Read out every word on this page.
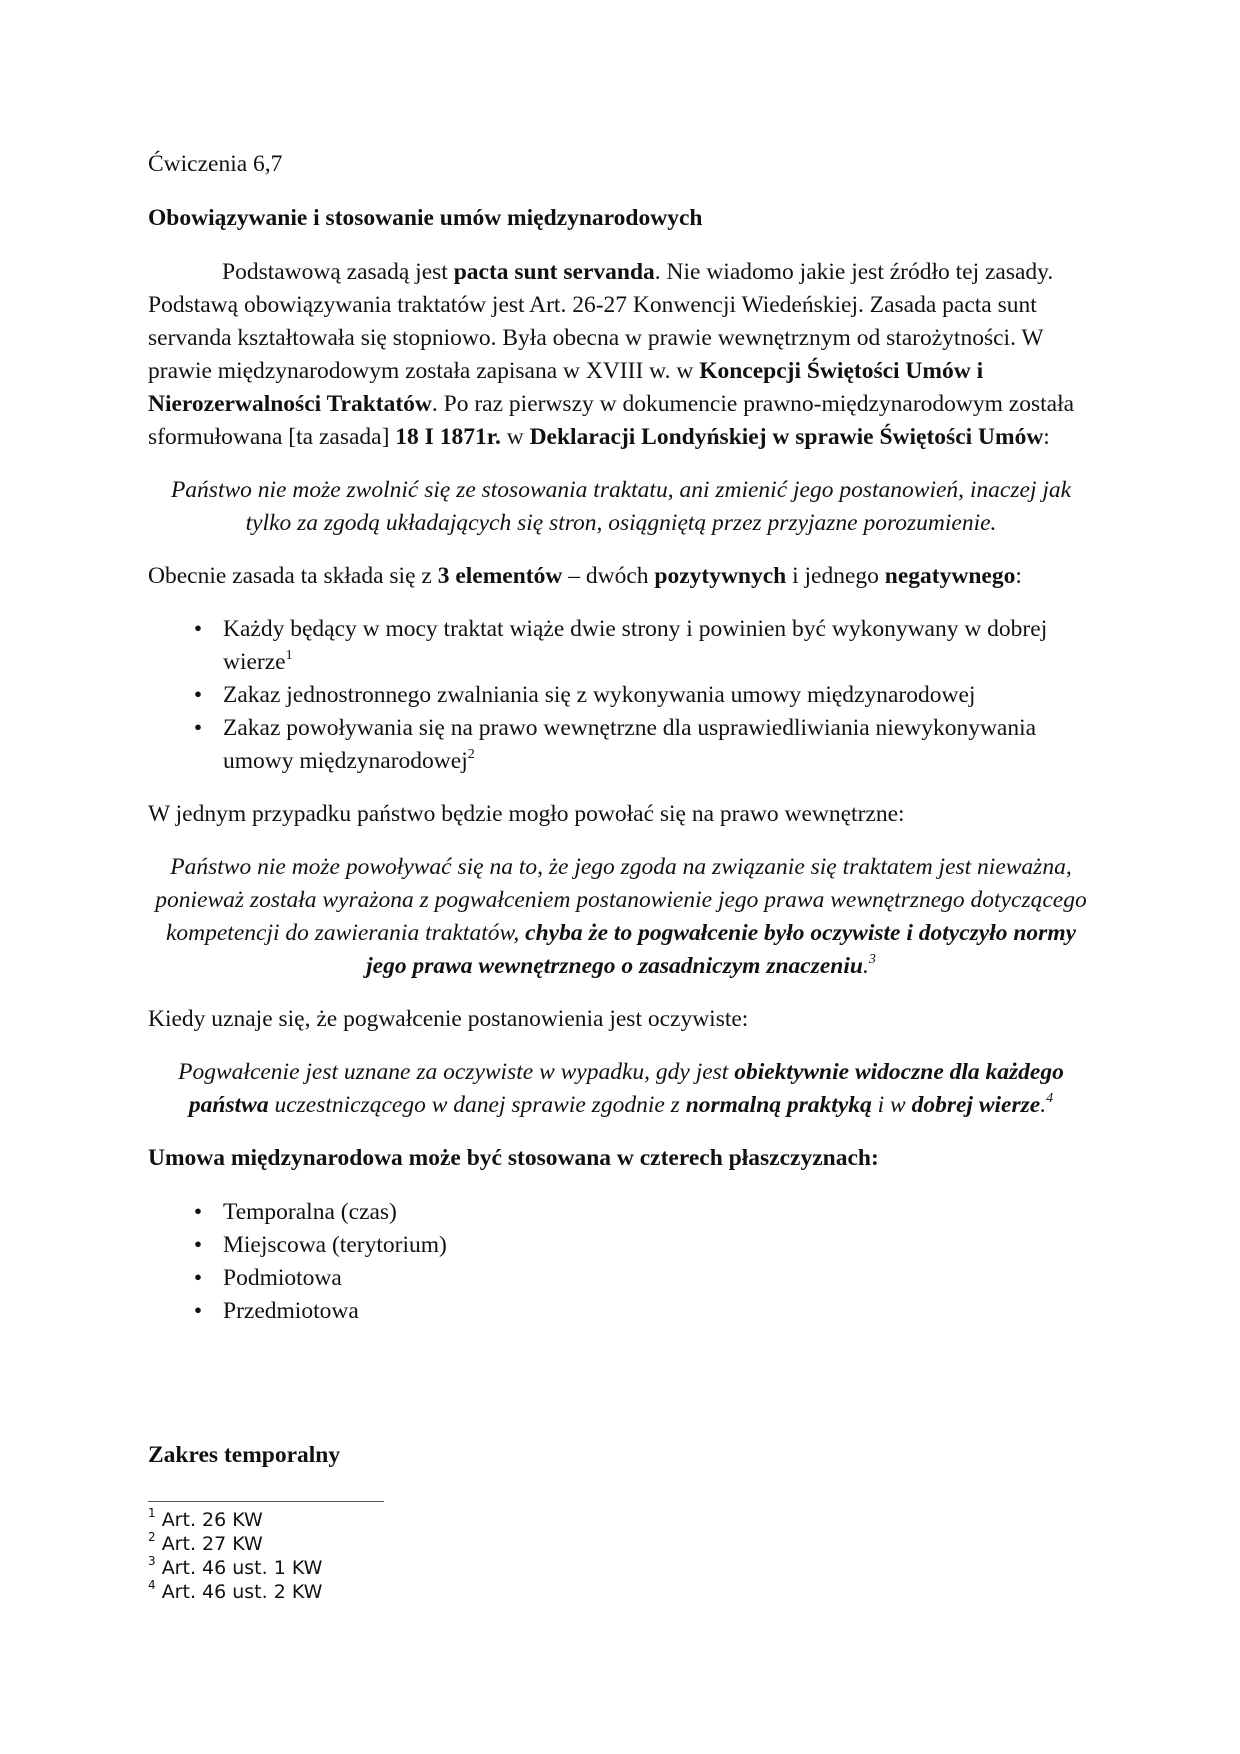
Ćwiczenia 6,7

Obowiązywanie i stosowanie umów międzynarodowych

Podstawową zasadą jest pacta sunt servanda. Nie wiadomo jakie jest źródło tej zasady. Podstawą obowiązywania traktatów jest Art. 26-27 Konwencji Wiedeńskiej. Zasada pacta sunt servanda kształtowała się stopniowo. Była obecna w prawie wewnętrznym od starożytności. W prawie międzynarodowym została zapisana w XVIII w. w Koncepcji Świętości Umów i Nierozerwalności Traktatów. Po raz pierwszy w dokumencie prawno-międzynarodowym została sformułowana [ta zasada] 18 I 1871r. w Deklaracji Londyńskiej w sprawie Świętości Umów:

Państwo nie może zwolnić się ze stosowania traktatu, ani zmienić jego postanowień, inaczej jak tylko za zgodą układających się stron, osiągniętą przez przyjazne porozumienie.

Obecnie zasada ta składa się z 3 elementów – dwóch pozytywnych i jednego negatywnego:

• Każdy będący w mocy traktat wiąże dwie strony i powinien być wykonywany w dobrej wierze$^1$
• Zakaz jednostronnego zwalniania się z wykonywania umowy międzynarodowej
• Zakaz powoływania się na prawo wewnętrzne dla usprawiedliwiania niewykonywania umowy międzynarodowej$^2$

W jednym przypadku państwo będzie mogło powołać się na prawo wewnętrzne:

Państwo nie może powoływać się na to, że jego zgoda na związanie się traktatem jest nieważna, ponieważ została wyrażona z pogwałceniem postanowienie jego prawa wewnętrznego dotyczącego kompetencji do zawierania traktatów, chyba że to pogwałcenie było oczywiste i dotyczyło normy jego prawa wewnętrznego o zasadniczym znaczeniu.$^3$

Kiedy uznaje się, że pogwałcenie postanowienia jest oczywiste:

Pogwałcenie jest uznane za oczywiste w wypadku, gdy jest obiektywnie widoczne dla każdego państwa uczestniczącego w danej sprawie zgodnie z normalną praktyką i w dobrej wierze.$^4$

Umowa międzynarodowa może być stosowana w czterech płaszczyznach:

• Temporalna (czas)
• Miejscowa (terytorium)
• Podmiotowa
• Przedmiotowa
Zakres temporalny
$^1$ Art. 26 KW
$^2$ Art. 27 KW
$^3$ Art. 46 ust. 1 KW
$^4$ Art. 46 ust. 2 KW
